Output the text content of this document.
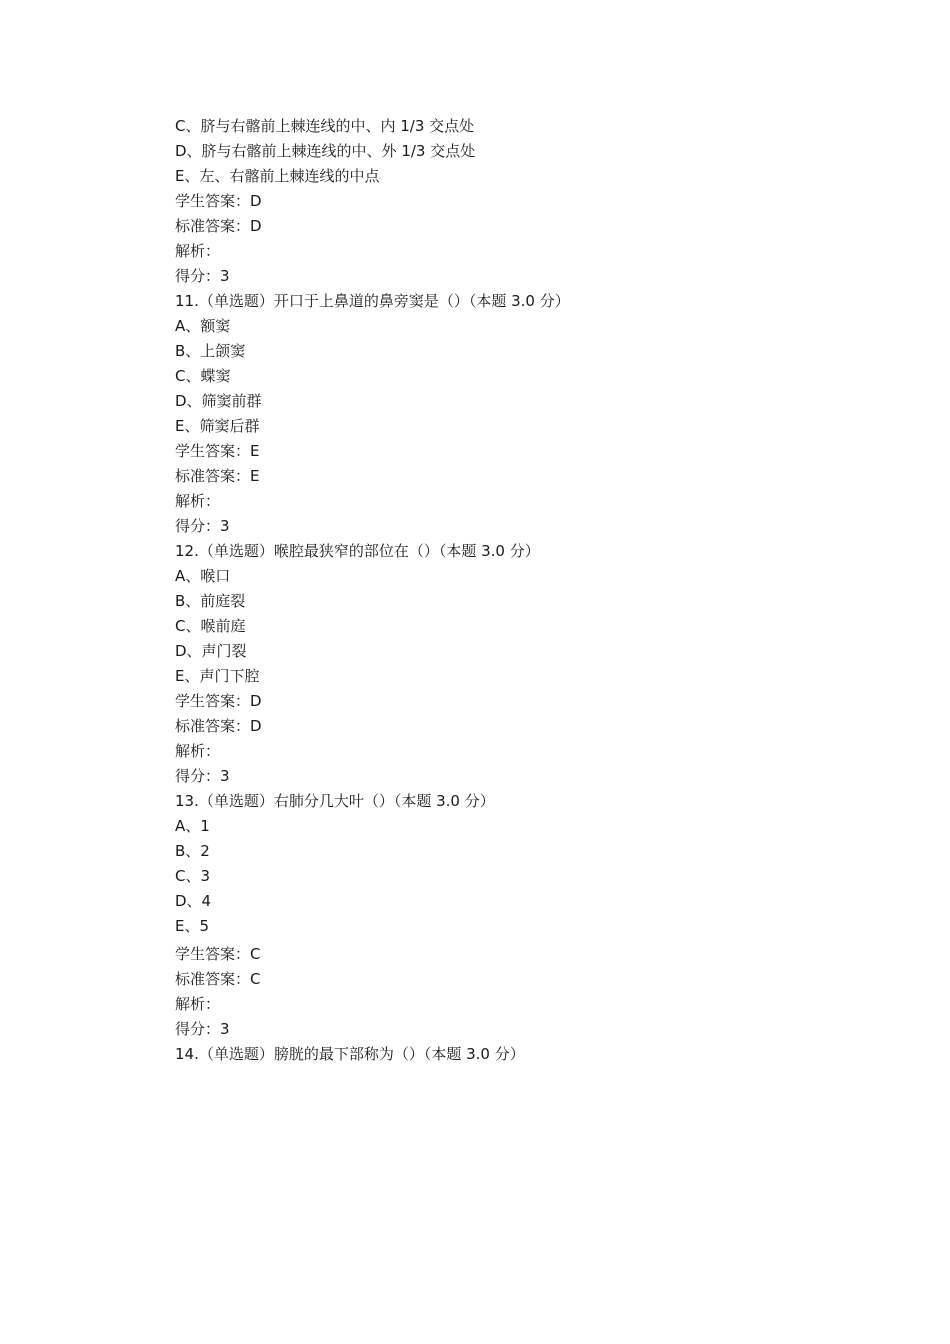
C、脐与右髂前上棘连线的中、内 1/3 交点处
D、脐与右髂前上棘连线的中、外 1/3 交点处
E、左、右髂前上棘连线的中点
学生答案：D
标准答案：D
解析：
得分：3
11.（单选题）开口于上鼻道的鼻旁窦是（）（本题 3.0 分）
A、额窦
B、上颌窦
C、蝶窦
D、筛窦前群
E、筛窦后群
学生答案：E
标准答案：E
解析：
得分：3
12.（单选题）喉腔最狭窄的部位在（）（本题 3.0 分）
A、喉口
B、前庭裂
C、喉前庭
D、声门裂
E、声门下腔
学生答案：D
标准答案：D
解析：
得分：3
13.（单选题）右肺分几大叶（）（本题 3.0 分）
A、1
B、2
C、3
D、4
E、5
学生答案：C
标准答案：C
解析：
得分：3
14.（单选题）膀胱的最下部称为（）（本题 3.0 分）
